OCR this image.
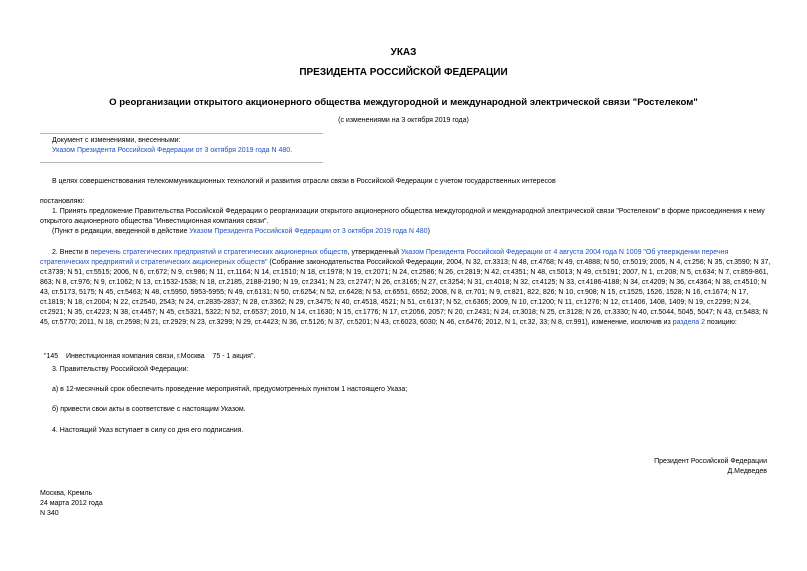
УКАЗ
ПРЕЗИДЕНТА РОССИЙСКОЙ ФЕДЕРАЦИИ
О реорганизации открытого акционерного общества междугородной и международной электрической связи "Ростелеком"
(с изменениями на 3 октября 2019 года)
Документ с изменениями, внесенными:
Указом Президента Российской Федерации от 3 октября 2019 года N 480.
В целях совершенствования телекоммуникационных технологий и развития отрасли связи в Российской Федерации с учетом государственных интересов
постановляю:
1. Принять предложение Правительства Российской Федерации о реорганизации открытого акционерного общества междугородной и международной электрической связи "Ростелеком" в форме присоединения к нему открытого акционерного общества "Инвестиционная компания связи".
(Пункт в редакции, введенной в действие Указом Президента Российской Федерации от 3 октября 2019 года N 480)
2. Внести в перечень стратегических предприятий и стратегических акционерных обществ, утвержденный Указом Президента Российской Федерации от 4 августа 2004 года N 1009 "Об утверждении перечня стратегических предприятий и стратегических акционерных обществ" (Собрание законодательства Российской Федерации, 2004, N 32, ст.3313; N 48, ст.4768; N 49, ст.4888; N 50, ст.5019; 2005, N 4, ст.256; N 35, ст.3590; N 37, ст.3739; N 51, ст.5515; 2006, N 6, ст.672; N 9, ст.986; N 11, ст.1164; N 14, ст.1510; N 18, ст.1978; N 19, ст.2071; N 24, ст.2586; N 26, ст.2819; N 42, ст.4351; N 48, ст.5013; N 49, ст.5191; 2007, N 1, ст.208; N 5, ст.634; N 7, ст.859-861, 863; N 8, ст.976; N 9, ст.1062; N 13, ст.1532-1538; N 18, ст.2185, 2188-2190; N 19, ст.2341; N 23, ст.2747; N 26, ст.3165; N 27, ст.3254; N 31, ст.4018; N 32, ст.4125; N 33, ст.4186-4188; N 34, ст.4209; N 36, ст.4364; N 38, ст.4510; N 43, ст.5173, 5175; N 45, ст.5463; N 48, ст.5950, 5953-5955; N 49, ст.6131; N 50, ст.6254; N 52, ст.6428; N 53, ст.6551, 6552; 2008, N 8, ст.701; N 9, ст.821, 822, 826; N 10, ст.908; N 15, ст.1525, 1526, 1528; N 16, ст.1674; N 17, ст.1819; N 18, ст.2004; N 22, ст.2540, 2543; N 24, ст.2835-2837; N 28, ст.3362; N 29, ст.3475; N 40, ст.4518, 4521; N 51, ст.6137; N 52, ст.6365; 2009, N 10, ст.1200; N 11, ст.1276; N 12, ст.1406, 1408, 1409; N 19, ст.2299; N 24, ст.2921; N 35, ст.4223; N 38, ст.4457; N 45, ст.5321, 5322; N 52, ст.6537; 2010, N 14, ст.1630; N 15, ст.1776; N 17, ст.2056, 2057; N 20, ст.2431; N 24, ст.3018; N 25, ст.3128; N 26, ст.3330; N 40, ст.5044, 5045, 5047; N 43, ст.5483; N 45, ст.5770; 2011, N 18, ст.2598; N 21, ст.2929; N 23, ст.3299; N 29, ст.4423; N 36, ст.5126; N 37, ст.5201; N 43, ст.6023, 6030; N 46, ст.6476; 2012, N 1, ст.32, 33; N 8, ст.991), изменение, исключив из раздела 2 позицию:
"145    Инвестиционная компания связи, г.Москва    75 - 1 акция".
3. Правительству Российской Федерации:
а) в 12-месячный срок обеспечить проведение мероприятий, предусмотренных пунктом 1 настоящего Указа;
б) привести свои акты в соответствие с настоящим Указом.
4. Настоящий Указ вступает в силу со дня его подписания.
Президент Российской Федерации
Д.Медведев
Москва, Кремль
24 марта 2012 года
N 340
